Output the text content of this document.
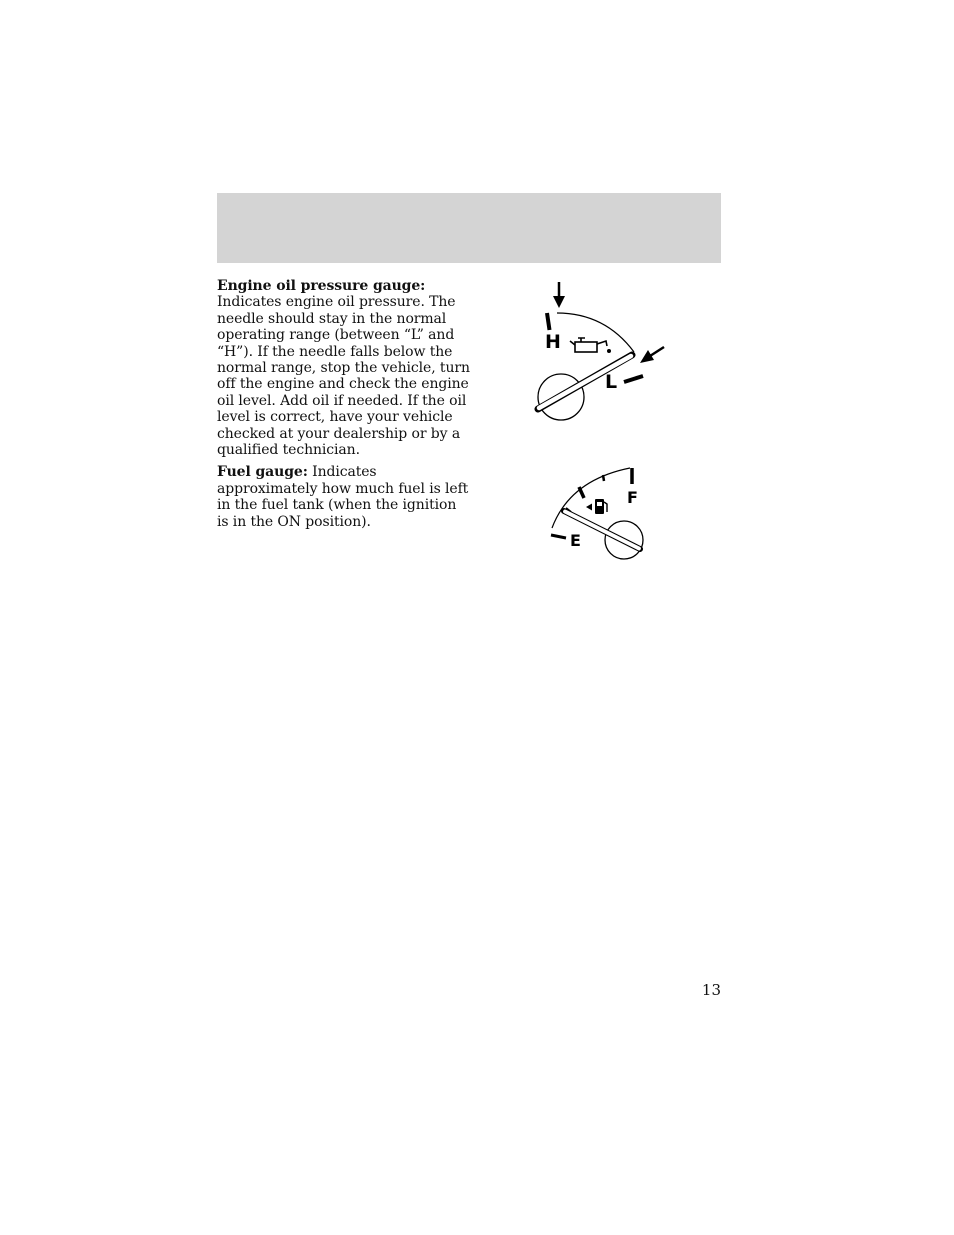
Engine oil pressure gauge: Indicates engine oil pressure. The needle should stay in the normal operating range (between “L” and “H”). If the needle falls below the normal range, stop the vehicle, turn off the engine and check the engine oil level. Add oil if needed. If the oil level is correct, have your vehicle checked at your dealership or by a qualified technician.

Fuel gauge: Indicates approximately how much fuel is left in the fuel tank (when the ignition is in the ON position).

H
L
F
E
13
